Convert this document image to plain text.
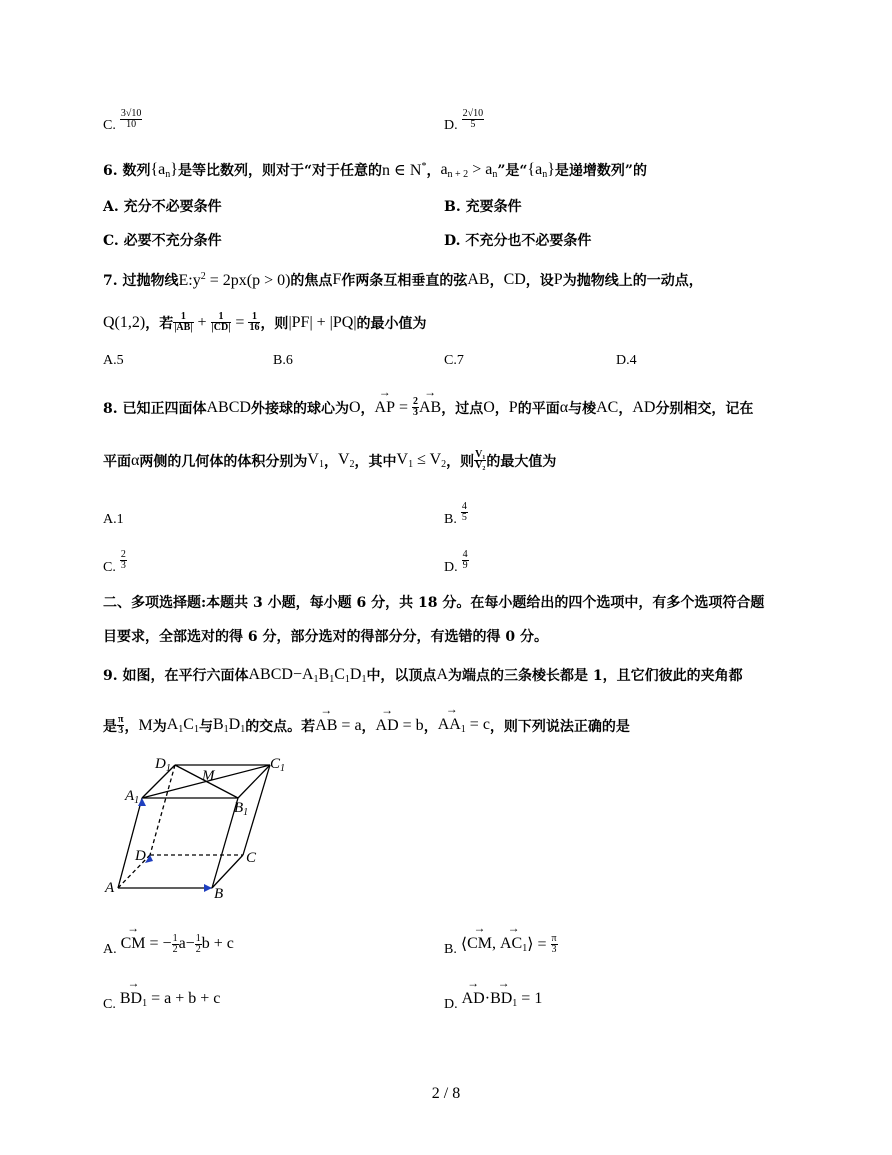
C. $\frac{3√10}{10}$	D. $\frac{2√10}{5}$
6. 数列 $\{a_n\}$ 是等比数列，则对于“对于任意的 n ∈ N* ， $a_{n + 2} > a_n$ ”是“ $\{a_n\}$ 是递增数列”的
A. 充分不必要条件	B. 充要条件
C. 必要不充分条件	D. 不充分也不必要条件
7. 过抛物线 $E:y^2 = 2px(p > 0)$ 的焦点 F 作两条互相垂直的弦 AB ， CD ，设 P 为抛物线上的一动点，
Q(1,2) ，若 $\frac{1}{|AB|} + \frac{1}{|CD|} = \frac{1}{16}$ ，则 |PF| + |PQ| 的最小值为
A.5	B.6	C.7	D.4
8. 已知正四面体 ABCD 外接球的球心为 O ， → AP = $\frac{2}{3}$ → AB ，过点 O ， P 的平面 α 与棱 AC ， AD 分别相交，记在
平面 α 两侧的几何体的体积分别为 $V_1$ ， $V_2$ ，其中 $V_1 \le V_2$ ，则 $\frac{\text{V₁}}{\text{V₂}}$ 的最大值为
A.1	B. $\frac{4}{5}$
C. $\frac{2}{3}$	D. $\frac{4}{9}$
二、多项选择题:本题共 3 小题，每小题 6 分，共 18 分。在每小题给出的四个选项中，有多个选项符合题
目要求，全部选对的得 6 分，部分选对的得部分分，有选错的得 0 分。
9. 如图，在平行六面体 $ABCD-A_1B_1C_1D_1$ 中，以顶点 A 为端点的三条棱长都是 1，且它们彼此的夹角都
是 $\frac{\pi}{3}$ ， M 为 $A_1C_1$ 与 $B_1D_1$ 的交点。若 → AB = a ， → AD = b ， → $AA_1 = c$ ，则下列说法正确的是
$D_1$	$C_1$
M
$A_1$	$B_1$
D	C
A	B
A. → CM = − $\frac{1}{2} a- \frac{1}{2}$ b + c	B. ⟨ → CM , → $AC_1$ ⟩ = $\frac{\pi}{3}$
C. → $BD_1 = a + b + c$	D. → AD · → $BD_1 = 1$
2 / 8
